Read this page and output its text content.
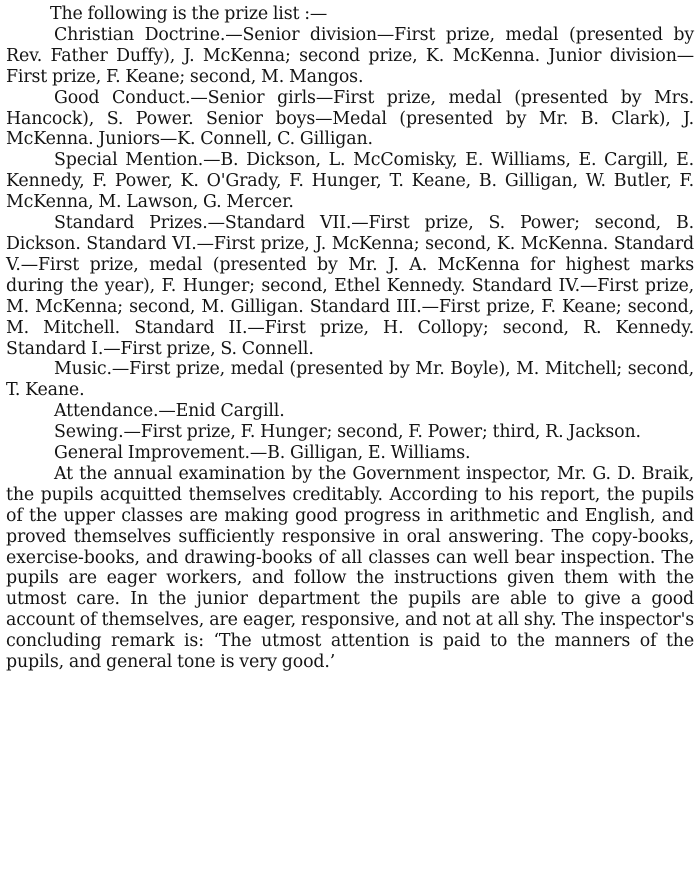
The following is the prize list :—

Christian Doctrine.—Senior division—First prize, medal (presented by Rev. Father Duffy), J. McKenna; second prize, K. McKenna. Junior division—First prize, F. Keane; second, M. Mangos.

Good Conduct.—Senior girls—First prize, medal (presented by Mrs. Hancock), S. Power. Senior boys—Medal (presented by Mr. B. Clark), J. McKenna. Juniors—K. Connell, C. Gilligan.

Special Mention.—B. Dickson, L. McComisky, E. Williams, E. Cargill, E. Kennedy, F. Power, K. O'Grady, F. Hunger, T. Keane, B. Gilligan, W. Butler, F. McKenna, M. Lawson, G. Mercer.

Standard Prizes.—Standard VII.—First prize, S. Power; second, B. Dickson. Standard VI.—First prize, J. McKenna; second, K. McKenna. Standard V.—First prize, medal (presented by Mr. J. A. McKenna for highest marks during the year), F. Hunger; second, Ethel Kennedy. Standard IV.—First prize, M. McKenna; second, M. Gilligan. Standard III.—First prize, F. Keane; second, M. Mitchell. Standard II.—First prize, H. Collopy; second, R. Kennedy. Standard I.—First prize, S. Connell.

Music.—First prize, medal (presented by Mr. Boyle), M. Mitchell; second, T. Keane.

Attendance.—Enid Cargill.

Sewing.—First prize, F. Hunger; second, F. Power; third, R. Jackson.

General Improvement.—B. Gilligan, E. Williams.

At the annual examination by the Government inspector, Mr. G. D. Braik, the pupils acquitted themselves creditably. According to his report, the pupils of the upper classes are making good progress in arithmetic and English, and proved themselves sufficiently responsive in oral answering. The copy-books, exercise-books, and drawing-books of all classes can well bear inspection. The pupils are eager workers, and follow the instructions given them with the utmost care. In the junior department the pupils are able to give a good account of themselves, are eager, responsive, and not at all shy. The inspector's concluding remark is: ‘The utmost attention is paid to the manners of the pupils, and general tone is very good.’
